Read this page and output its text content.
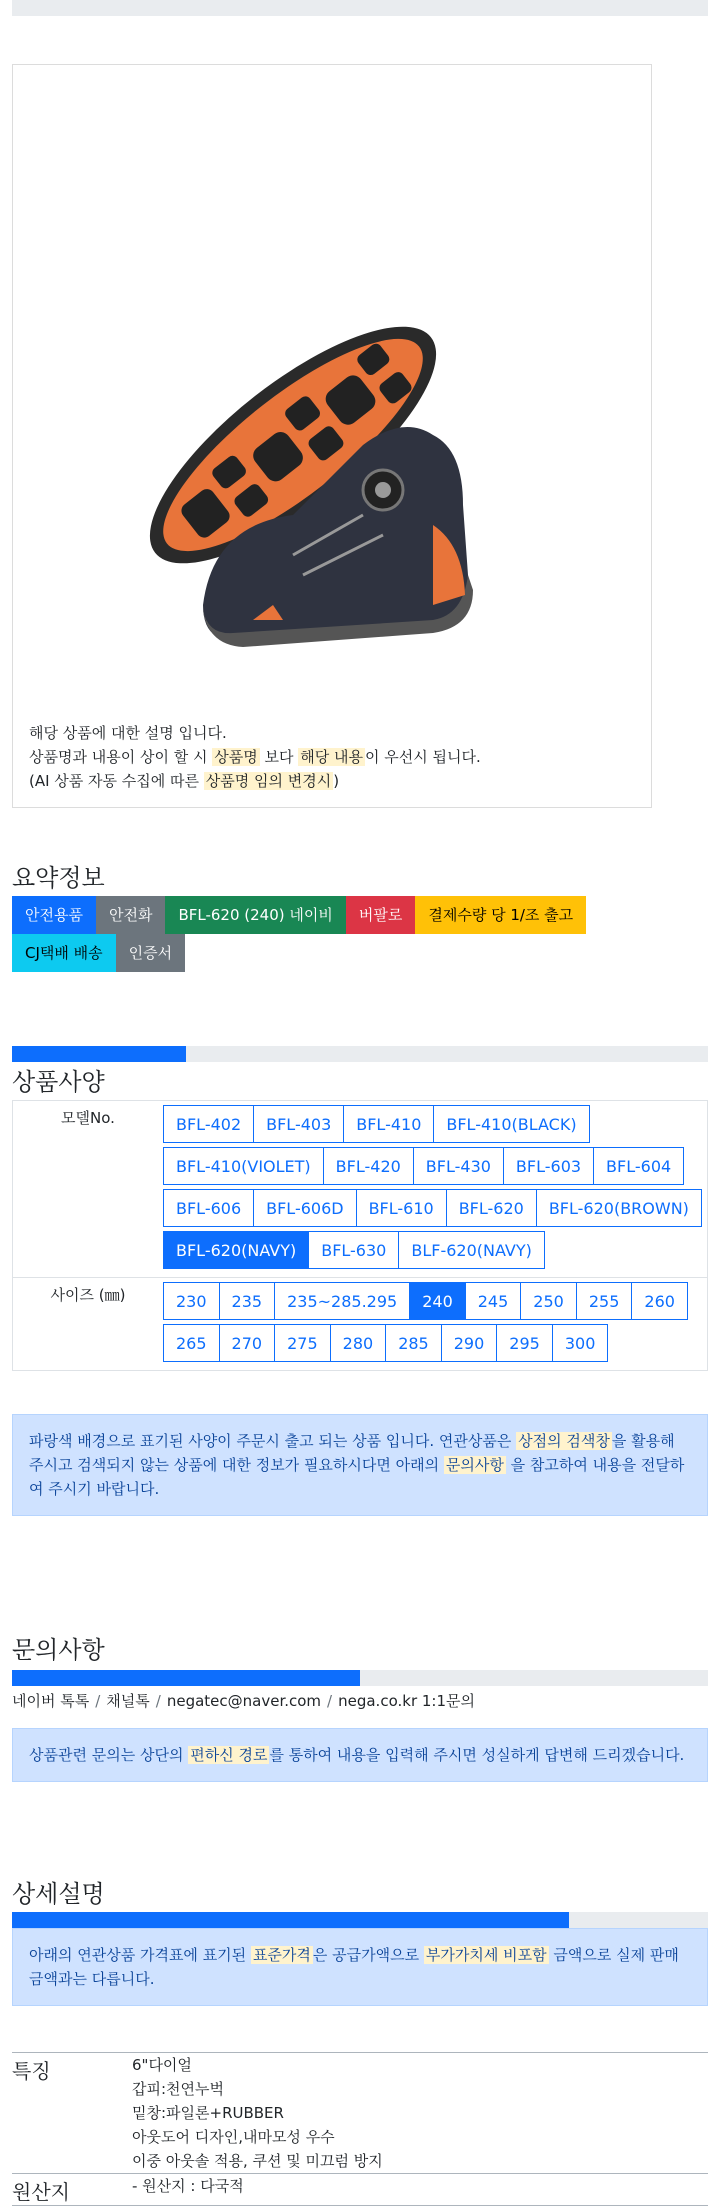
해당 상품에 대한 설명 입니다.
상품명과 내용이 상이 할 시 상품명 보다 해당 내용 이 우선시 됩니다.
(AI 상품 자동 수집에 따른 상품명 임의 변경시 )
요약정보
안전용품	안전화	BFL-620 (240) 네이비	버팔로	결제수량 당 1/조 출고
CJ택배 배송	인증서
상품사양
모델No.	BFL-402	BFL-403	BFL-410	BFL-410(BLACK)
BFL-410(VIOLET)	BFL-420	BFL-430	BFL-603	BFL-604
BFL-606	BFL-606D	BFL-610	BFL-620	BFL-620(BROWN)
BFL-620(NAVY)	BFL-630	BLF-620(NAVY)
사이즈 (㎜)	230	235	235~285.295	240	245	250	255	260
265	270	275	280	285	290	295	300
파랑색 배경으로 표기된 사양이 주문시 출고 되는 상품 입니다. 연관상품은 상점의 검색창 을 활용해 주시고 검색되지 않는 상품에 대한 정보가 필요하시다면 아래의 문의사항 을 참고하여 내용을 전달하여 주시기 바랍니다.
문의사항
네이버 톡톡 / 채널톡 / negatec@naver.com / nega.co.kr 1:1문의
상품관련 문의는 상단의 편하신 경로 를 통하여 내용을 입력해 주시면 성실하게 답변해 드리겠습니다.
상세설명
아래의 연관상품 가격표에 표기된 표준가격 은 공급가액으로 부가가치세 비포함 금액으로 실제 판매금액과는 다릅니다.
특징	6"다이얼
갑피:천연누벅
밑창:파일론+RUBBER
아웃도어 디자인,내마모성 우수
이중 아웃솔 적용, 쿠션 및 미끄럼 방지
원산지	- 원산지 : 다국적
